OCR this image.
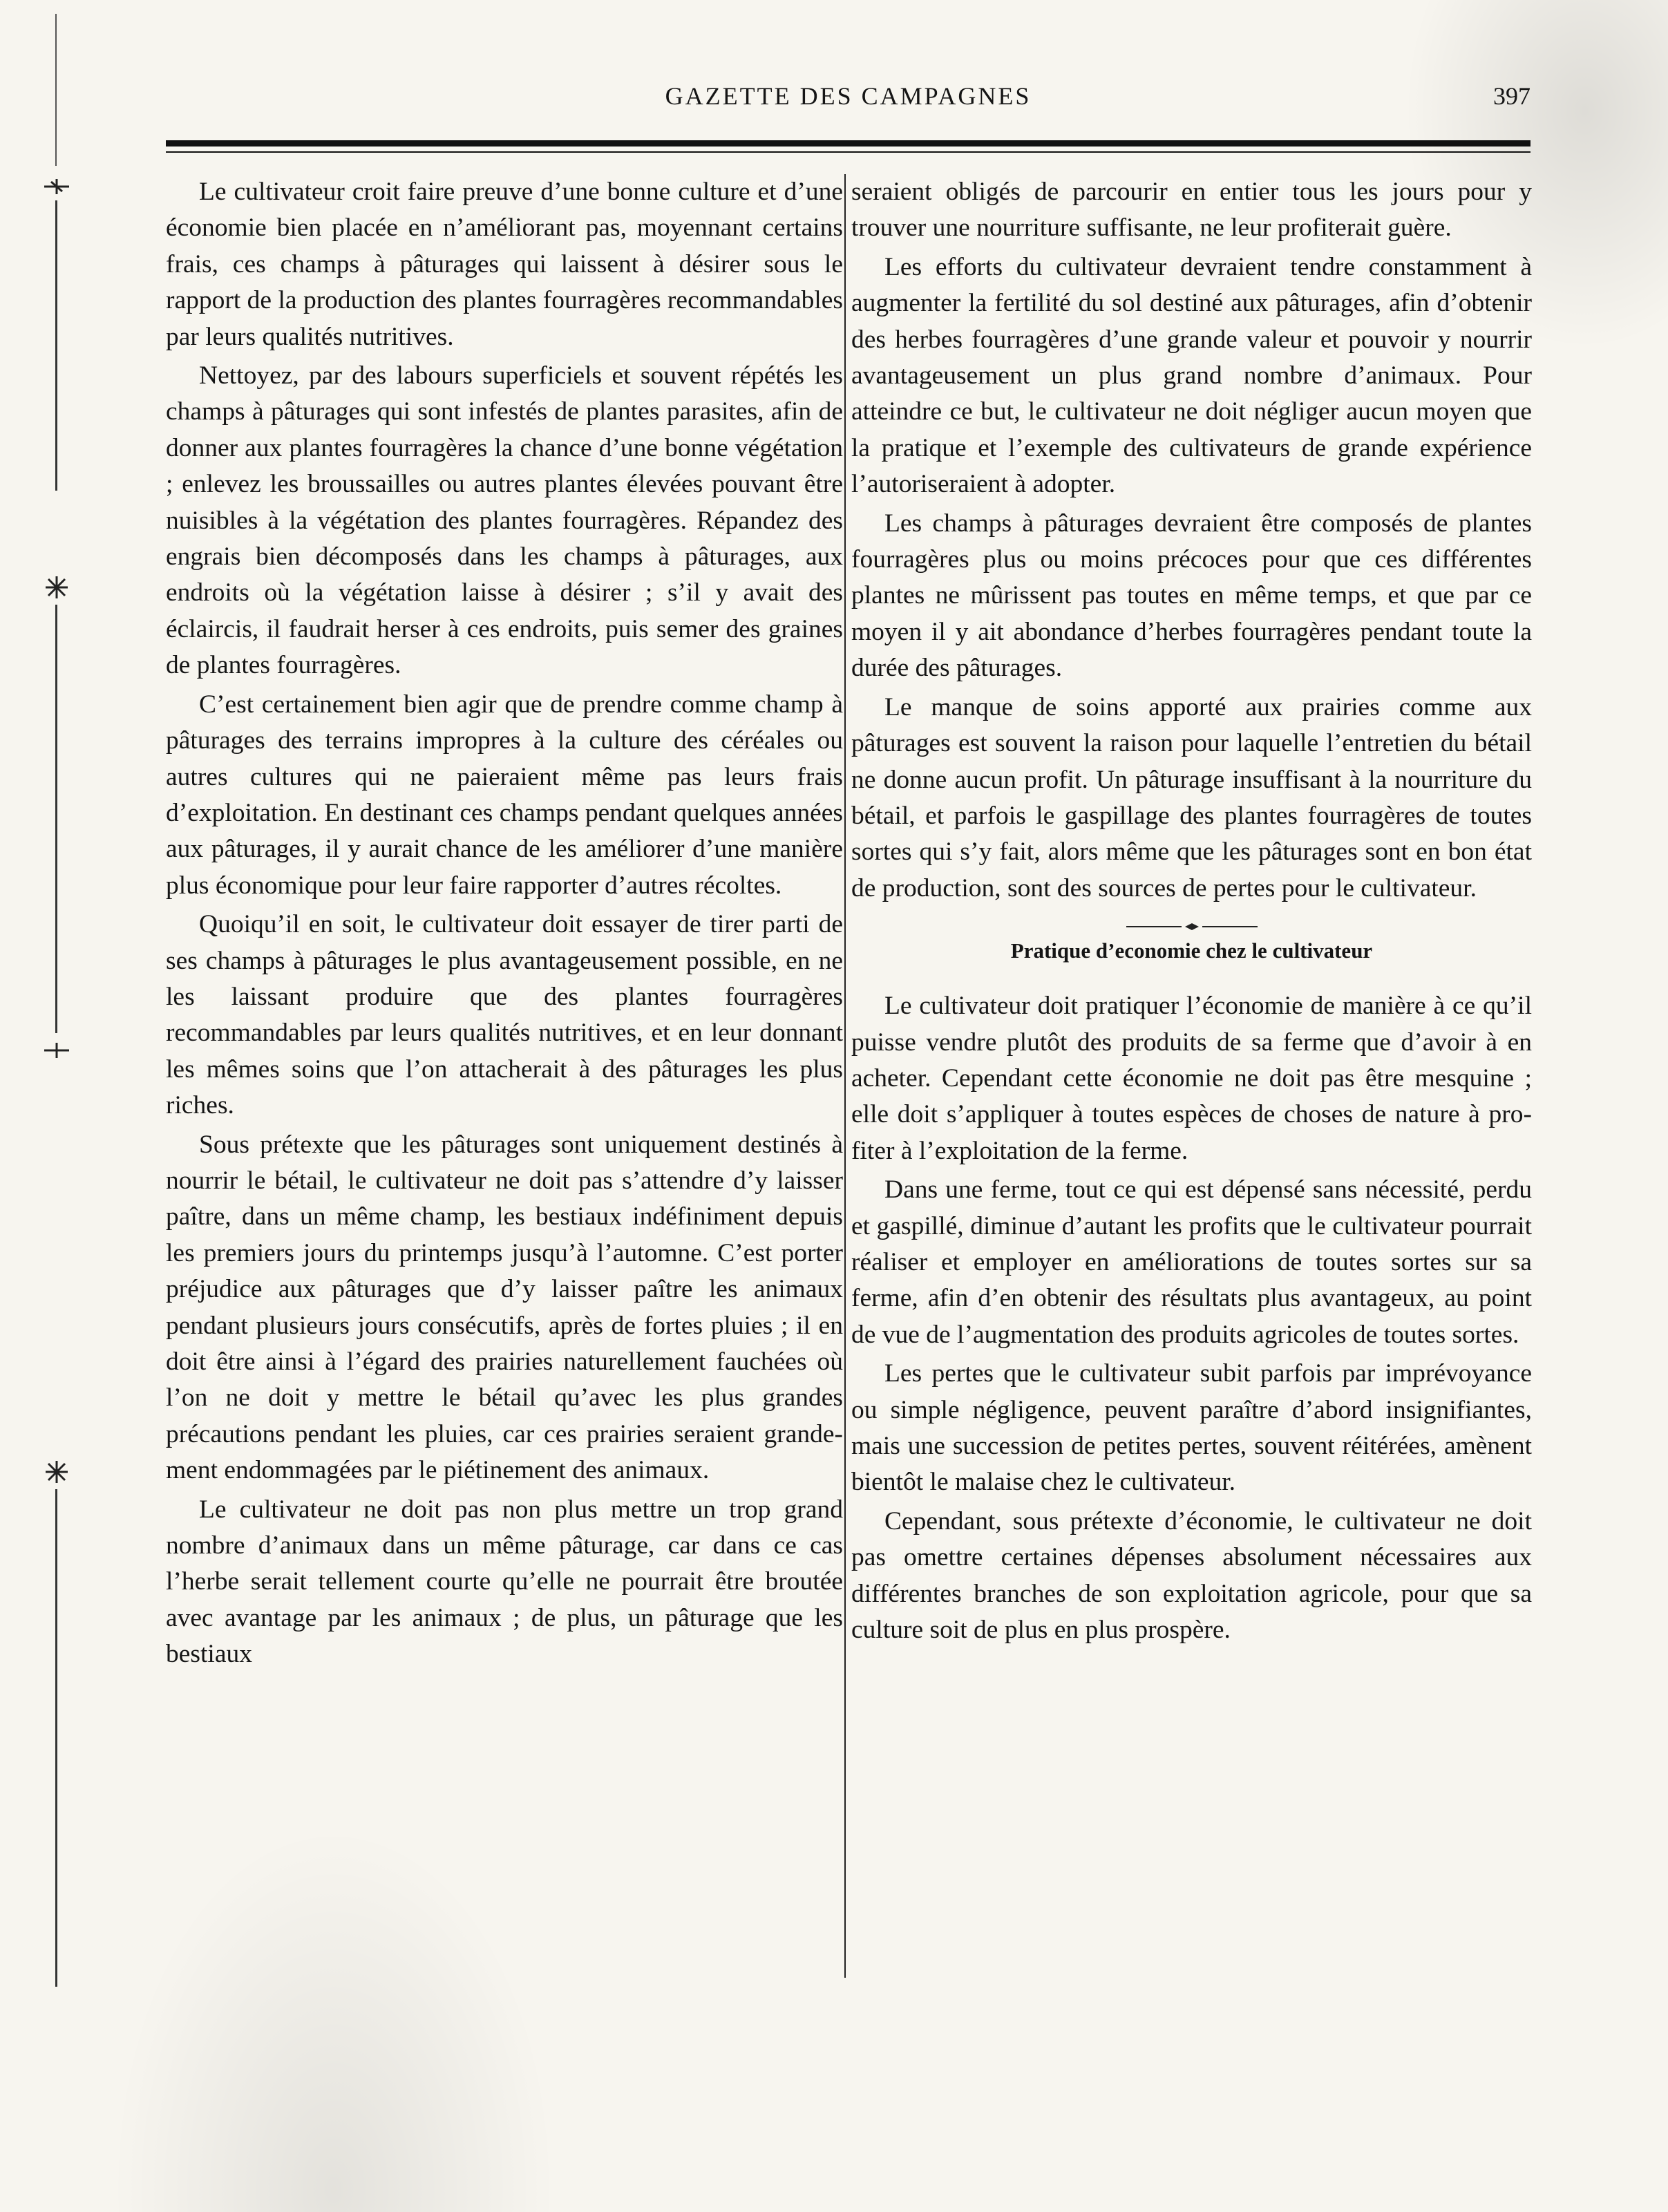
GAZETTE DES CAMPAGNES	397

Le cultivateur croit faire preuve d’une bonne culture et d’une économie bien placée en n’améliorant pas, moyennant certains frais, ces champs à pâturages qui laissent à désirer sous le rapport de la production des plantes fourragères recommandables par leurs qualités nutritives.

Nettoyez, par des labours superficiels et souvent répétés les champs à pâturages qui sont infestés de plantes parasites, afin de donner aux plantes fourragères la chance d’une bonne végétation ; enlevez les broussailles ou autres plantes élevées pouvant être nuisibles à la végétation des plantes fourragères. Répandez des engrais bien décomposés dans les champs à pâturages, aux endroits où la végétation laisse à désirer ; s’il y avait des éclaircis, il faudrait herser à ces endroits, puis semer des graines de plantes fourragères.

C’est certainement bien agir que de prendre comme champ à pâturages des terrains impropres à la culture des céréales ou autres cultures qui ne paieraient même pas leurs frais d’exploitation. En destinant ces champs pendant quelques années aux pâturages, il y aurait chance de les améliorer d’une manière plus économique pour leur faire rapporter d’autres récoltes.

Quoiqu’il en soit, le cultivateur doit essayer de tirer parti de ses champs à pâturages le plus avantageusement possible, en ne les laissant produire que des plantes fourragères recommandables par leurs qualités nutritives, et en leur donnant les mêmes soins que l’on attacherait à des pâturages les plus riches.

Sous prétexte que les pâturages sont uniquement destinés à nourrir le bétail, le cultivateur ne doit pas s’attendre d’y laisser paître, dans un même champ, les bestiaux indéfiniment depuis les premiers jours du printemps jusqu’à l’automne. C’est porter préjudice aux pâturages que d’y laisser paître les animaux pendant plusieurs jours consécutifs, après de fortes pluies ; il en doit être ainsi à l’égard des prairies naturellement fauchées où l’on ne doit y mettre le bétail qu’avec les plus grandes précautions pendant les pluies, car ces prairies seraient grandement endommagées par le piétinement des animaux.

Le cultivateur ne doit pas non plus mettre un trop grand nombre d’animaux dans un même pâturage, car dans ce cas l’herbe serait tellement courte qu’elle ne pourrait être broutée avec avantage par les animaux ; de plus, un pâturage que les bestiaux

seraient obligés de parcourir en entier tous les jours pour y trouver une nourriture suffisante, ne leur profiterait guère.

Les efforts du cultivateur devraient tendre constamment à augmenter la fertilité du sol destiné aux pâturages, afin d’obtenir des herbes fourragères d’une grande valeur et pouvoir y nourrir avantageusement un plus grand nombre d’animaux. Pour atteindre ce but, le cultivateur ne doit négliger aucun moyen que la pratique et l’exemple des cultivateurs de grande expérience l’autoriseraient à adopter.

Les champs à pâturages devraient être composés de plantes fourragères plus ou moins précoces pour que ces différentes plantes ne mûrissent pas toutes en même temps, et que par ce moyen il y ait abondance d’herbes fourragères pendant toute la durée des pâturages.

Le manque de soins apporté aux prairies comme aux pâturages est souvent la raison pour laquelle l’entretien du bétail ne donne aucun profit. Un pâturage insuffisant à la nourriture du bétail, et parfois le gaspillage des plantes fourragères de toutes sortes qui s’y fait, alors même que les pâturages sont en bon état de production, sont des sources de pertes pour le cultivateur.

Pratique d’economie chez le cultivateur

Le cultivateur doit pratiquer l’économie de manière à ce qu’il puisse vendre plutôt des produits de sa ferme que d’avoir à en acheter. Cependant cette économie ne doit pas être mesquine ; elle doit s’appliquer à toutes espèces de choses de nature à profiter à l’exploitation de la ferme.

Dans une ferme, tout ce qui est dépensé sans nécessité, perdu et gaspillé, diminue d’autant les profits que le cultivateur pourrait réaliser et employer en améliorations de toutes sortes sur sa ferme, afin d’en obtenir des résultats plus avantageux, au point de vue de l’augmentation des produits agricoles de toutes sortes.

Les pertes que le cultivateur subit parfois par imprévoyance ou simple négligence, peuvent paraître d’abord insignifiantes, mais une succession de petites pertes, souvent réitérées, amènent bientôt le malaise chez le cultivateur.

Cependant, sous prétexte d’économie, le cultivateur ne doit pas omettre certaines dépenses absolument nécessaires aux différentes branches de son exploitation agricole, pour que sa culture soit de plus en plus prospère.
